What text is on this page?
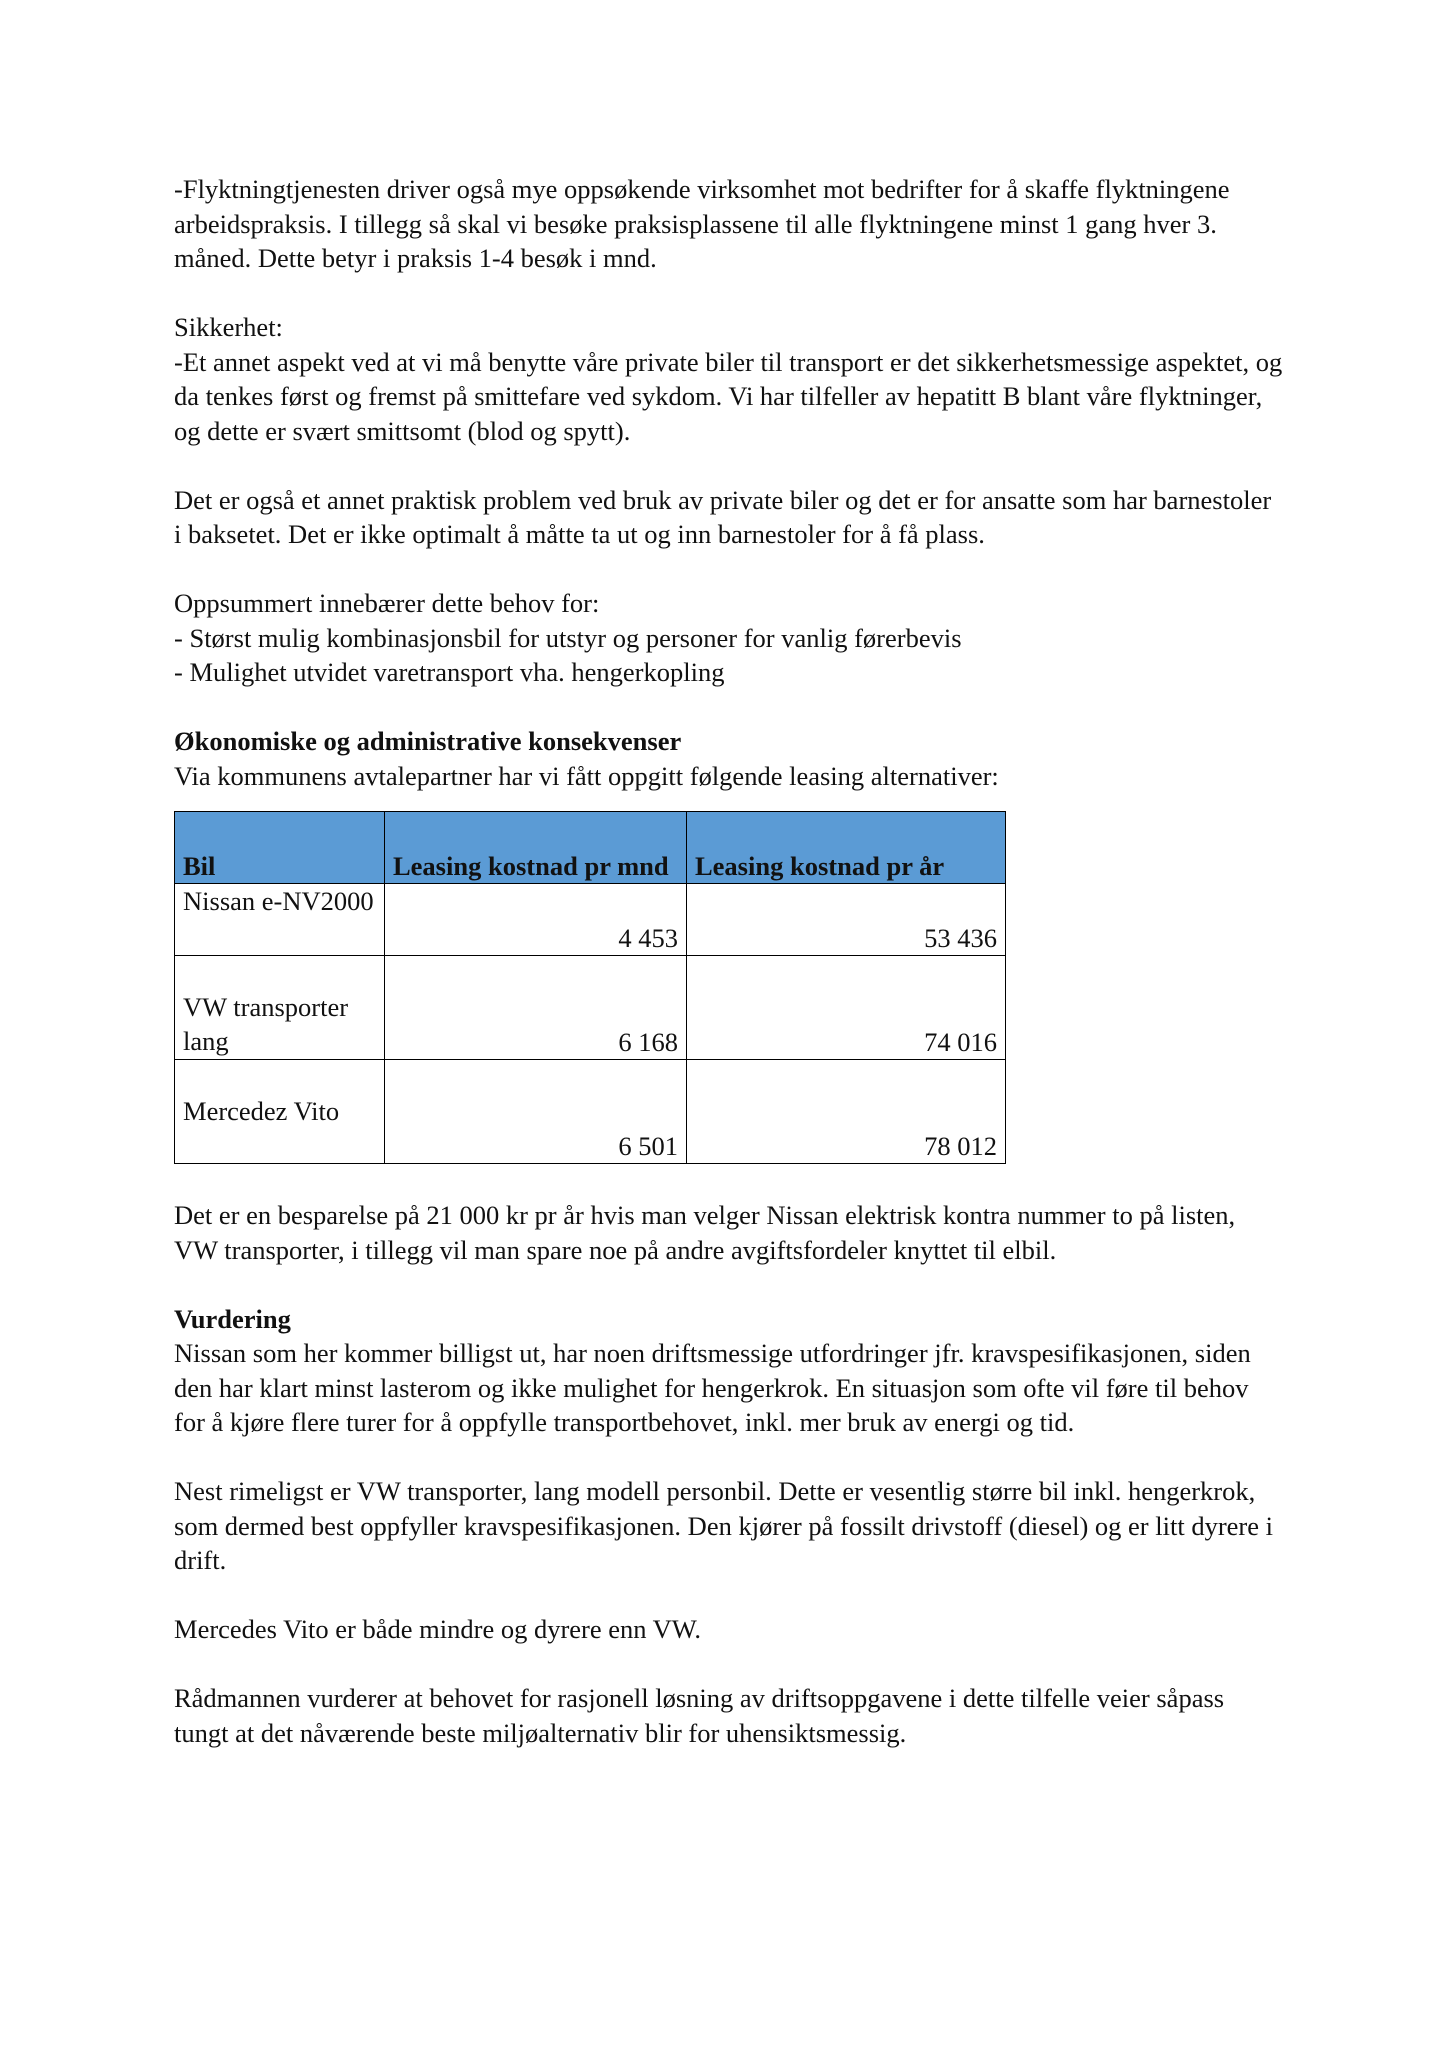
-Flyktningtjenesten driver også mye oppsøkende virksomhet mot bedrifter for å skaffe flyktningene arbeidspraksis. I tillegg så skal vi besøke praksisplassene til alle flyktningene minst 1 gang hver 3. måned. Dette betyr i praksis 1-4 besøk i mnd.

Sikkerhet:

-Et annet aspekt ved at vi må benytte våre private biler til transport er det sikkerhetsmessige aspektet, og da tenkes først og fremst på smittefare ved sykdom. Vi har tilfeller av hepatitt B blant våre flyktninger, og dette er svært smittsomt (blod og spytt).

Det er også et annet praktisk problem ved bruk av private biler og det er for ansatte som har barnestoler i baksetet. Det er ikke optimalt å måtte ta ut og inn barnestoler for å få plass.

Oppsummert innebærer dette behov for:

- Størst mulig kombinasjonsbil for utstyr og personer for vanlig førerbevis

- Mulighet utvidet varetransport vha. hengerkopling

Økonomiske og administrative konsekvenser

Via kommunens avtalepartner har vi fått oppgitt følgende leasing alternativer:

Bil	Leasing kostnad pr mnd	Leasing kostnad pr år
Nissan e-NV2000	4 453	53 436
VW transporter lang	6 168	74 016
Mercedez Vito	6 501	78 012

Det er en besparelse på 21 000 kr pr år hvis man velger Nissan elektrisk kontra nummer to på listen, VW transporter, i tillegg vil man spare noe på andre avgiftsfordeler knyttet til elbil.

Vurdering

Nissan som her kommer billigst ut, har noen driftsmessige utfordringer jfr. kravspesifikasjonen, siden den har klart minst lasterom og ikke mulighet for hengerkrok. En situasjon som ofte vil føre til behov for å kjøre flere turer for å oppfylle transportbehovet, inkl. mer bruk av energi og tid.

Nest rimeligst er VW transporter, lang modell personbil. Dette er vesentlig større bil inkl. hengerkrok, som dermed best oppfyller kravspesifikasjonen. Den kjører på fossilt drivstoff (diesel) og er litt dyrere i drift.

Mercedes Vito er både mindre og dyrere enn VW.

Rådmannen vurderer at behovet for rasjonell løsning av driftsoppgavene i dette tilfelle veier såpass tungt at det nåværende beste miljøalternativ blir for uhensiktsmessig.
